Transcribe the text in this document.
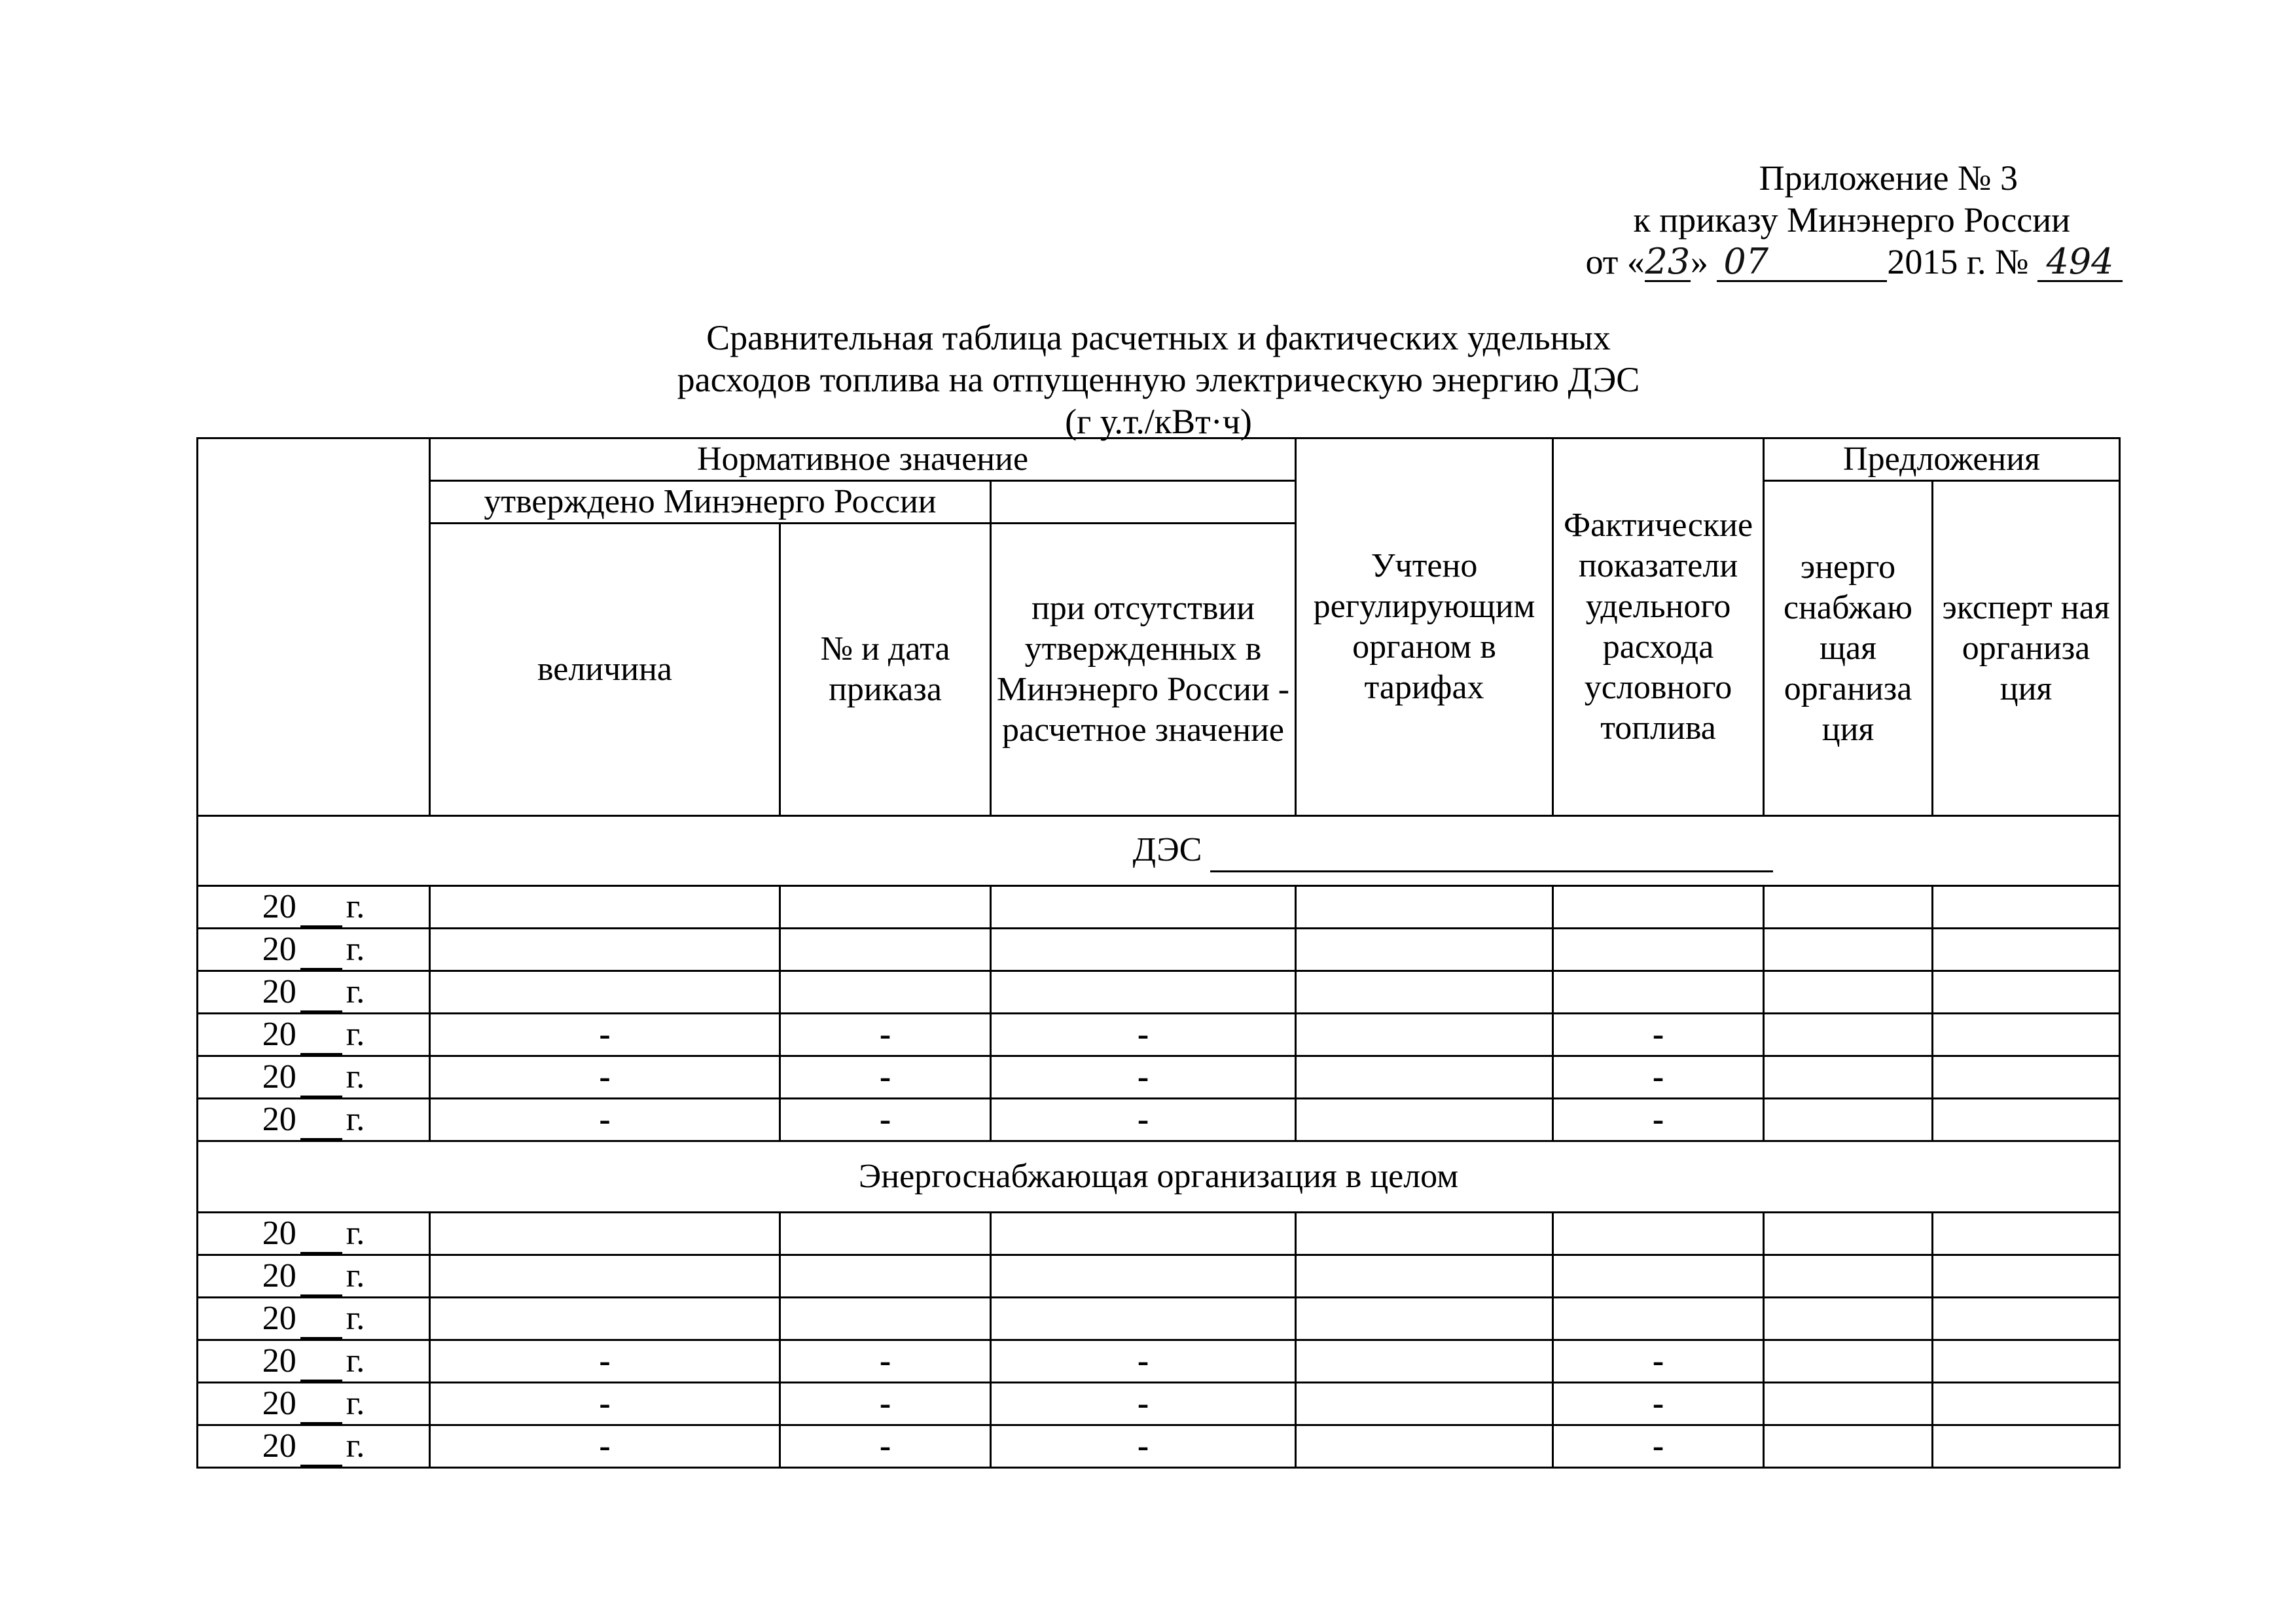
Приложение № 3
к приказу Минэнерго России
от «23» 07	2015 г. № 494
Сравнительная таблица расчетных и фактических удельных
расходов топлива на отпущенную электрическую энергию ДЭС
(г у.т./кВт·ч)
	Нормативное значение			Учтено регулирующим органом в тарифах	Фактические показатели удельного расхода условного топлива	Предложения	
	утверждено Минэнерго России					энерго снабжаю щая организа ция	эксперт ная организа ция
	величина	№ и дата приказа	при отсутствии утвержденных в Минэнерго России - расчетное значение				
ДЭС							
20 г.							
20 г.							
20 г.							
20 г.	-	-	-		-		
20 г.	-	-	-		-		
20 г.	-	-	-		-		
Энергоснабжающая организация в целом							
20 г.							
20 г.							
20 г.							
20 г.	-	-	-		-		
20 г.	-	-	-		-		
20 г.	-	-	-		-		
